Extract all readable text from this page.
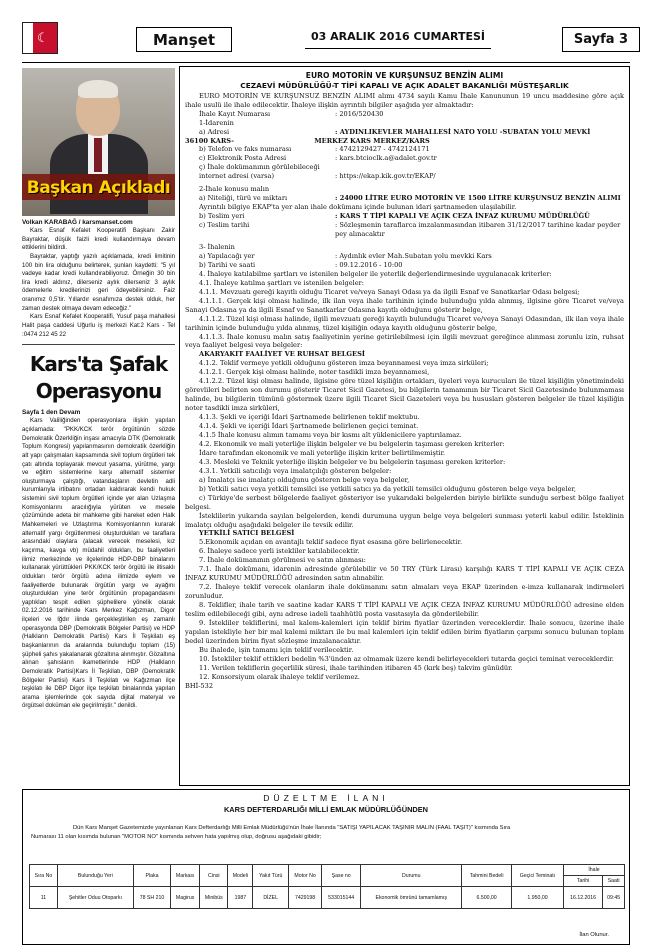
☾	Manşet	03 ARALIK 2016 CUMARTESİ	Sayfa 3
Başkan Açıkladı
Volkan KARABAĞ / karsmanset.com

Kars Esnaf Kefalet Kooperatifi Başkanı Zakir Bayraktar, düşük faizli kredi kullandırmaya devam ettiklerini bildirdi.

Bayraktar, yaptığı yazılı açıklamada, kredi limitinin 100 bin lira olduğunu belirterek, şunları kaydetti: "5 yıl vadeye kadar kredi kullandırabiliyoruz. Örneğin 30 bin lira kredi aldınız, dilerseniz aylık dilerseniz 3 aylık ödemelerle kredilerinizi geri ödeyebilirsiniz. Faiz oranımız 0,5’tir. Yıllardır esnafımıza destek olduk, her zaman destek olmaya devam edeceğiz.”

Kars Esnaf Kefalet Kooperatifi, Yusuf paşa mahallesi Halit paşa caddesi Uğurlu iş merkezi Kat:2 Kars - Tel :0474 212 45 22

Kars'ta Şafak
Operasyonu
Sayfa 1 den Devam

Kars Valiliğinden operasyonlara ilişkin yapılan açıklamada: "PKK/KCK terör örgütünün sözde Demokratik Özerkliğin inşası amacıyla DTK (Demokratik Toplum Kongresi) yapılanmasının demokratik özerkliğin alt yapı çalışmaları kapsamında sivil toplum örgütleri tek çatı altında toplayarak mevcut yasama, yürütme, yargı ve eğitim sistemlerine karşı alternatif sistemler oluşturmaya çalıştığı, vatandaşların devletin adli kurumlarıyla irtibatını ortadan kaldırarak kendi hukuk sistemini sivil toplum örgütleri içinde yer alan Uzlaşma Komisyonlarını aracılığıyla yürüten ve mesele çözümünde adeta bir mahkeme gibi hareket eden Halk Mahkemeleri ve Uzlaştırma Komisyonlarının kurarak alternatif yargı örgütlenmesi oluşturdukları ve taraflara arasındaki olaylara (alacak verecek meselesi, kız kaçırma, kavga vb) müdahil oldukları, bu faaliyetleri ilimiz merkezinde ve ilçelerinde HDP-DBP binalarını kullanarak yürüttükleri PKK/KCK terör örgütü ile iltisaklı oldukları terör örgütü adına ilimizde eylem ve faaliyetlerde bulunarak örgütün yargı ve ayağını oluşturdukları yine terör örgütünün propagandasını yaptıkları tespit edilen şüphelilere yönelik olarak 02.12.2016 tarihinde Kars Merkez Kağızman, Digor ilçeleri ve Iğdır ilinde gerçekleştirilen eş zamanlı operasyonda DBP (Demokratik Bölgeler Partisi) ve HDP (Halkların Demokratik Partisi) Kars İl Teşkilatı eş başkanlarının da aralarında bulunduğu toplam (15) şüpheli şahıs yakalanarak gözaltına alınmıştır. Gözaltına alınan şahısların ikametlerinde HDP (Halkların Demokratik Partisi)Kars İl Teşkilatı, DBP (Demokratik Bölgeler Partisi) Kars İl Teşkilatı ve Kağızman ilçe teşkilatı ile DBP Digor ilçe teşkilatı binalarında yapılan arama işlemlerinde çok sayıda dijital materyal ve örgütsel doküman ele geçirilmiştir." denildi.

EURO MOTORİN VE KURŞUNSUZ BENZİN ALIMI
CEZAEVİ MÜDÜRLÜĞÜ-T TİPİ KAPALI VE AÇIK ADALET BAKANLIĞI MÜSTEŞARLIK

EURO MOTORİN VE KURŞUNSUZ BENZİN ALIMI alımı 4734 sayılı Kamu İhale Kanununun 19 uncu maddesine göre açık ihale usulü ile ihale edilecektir. İhaleye ilişkin ayrıntılı bilgiler aşağıda yer almaktadır:

İhale Kayıt Numarası	: 2016/520430

1-İdarenin

a) Adresi	: AYDINLIKEVLER MAHALLESİ NATO YOLU -SUBATAN YOLU MEVKİ

36100 KARS-                                   MERKEZ KARS MERKEZ/KARS

b) Telefon ve faks numarası	: 4742129427 - 4742124171
c) Elektronik Posta Adresi	: kars.btcioclk.a@adalet.gov.tr

ç) İhale dokümanının görülebileceği

internet adresi (varsa)	: https://ekap.kik.gov.tr/EKAP/

2-İhale konusu malın

a) Niteliği, türü ve miktarı	: 24000 LİTRE EURO MOTORİN VE 1500 LİTRE KURŞUNSUZ BENZİN ALIMI

Ayrıntılı bilgiye EKAP'ta yer alan ihale dokümanı içinde bulunan idari şartnameden ulaşılabilir.

b) Teslim yeri	: KARS T TİPİ KAPALI VE AÇIK CEZA İNFAZ KURUMU MÜDÜRLÜĞÜ
c) Teslim tarihi	: Sözleşmenin taraflarca imzalanmasından itibaren 31/12/2017 tarihine kadar peyder pey alınacaktır

3- İhalenin

a) Yapılacağı yer	: Aydınlık evler Mah.Subatan yolu mevkki Kars
b) Tarihi ve saati	: 09.12.2016 - 10:00

4. İhaleye katılabilme şartları ve istenilen belgeler ile yeterlik değerlendirmesinde uygulanacak kriterler:

4.1. İhaleye katılma şartları ve istenilen belgeler:

4.1.1. Mevzuatı gereği kayıtlı olduğu Ticaret ve/veya Sanayi Odası ya da ilgili Esnaf ve Sanatkarlar Odası belgesi;

4.1.1.1. Gerçek kişi olması halinde, ilk ilan veya ihale tarihinin içinde bulunduğu yılda alınmış, ilgisine göre Ticaret ve/veya Sanayi Odasına ya da ilgili Esnaf ve Sanatkarlar Odasına kayıtlı olduğunu gösterir belge,

4.1.1.2. Tüzel kişi olması halinde, ilgili mevzuatı gereği kayıtlı bulunduğu Ticaret ve/veya Sanayi Odasından, ilk ilan veya ihale tarihinin içinde bulunduğu yılda alınmış, tüzel kişiliğin odaya kayıtlı olduğunu gösterir belge,

4.1.1.3. İhale konusu malın satış faaliyetinin yerine getirilebilmesi için ilgili mevzuat gereğince alınması zorunlu izin, ruhsat veya faaliyet belgesi veya belgeler:

AKARYAKIT FAALİYET VE RUHSAT BELGESİ

4.1.2. Teklif vermeye yetkili olduğunu gösteren imza beyannamesi veya imza sirküleri;

4.1.2.1. Gerçek kişi olması halinde, noter tasdikli imza beyannamesi,

4.1.2.2. Tüzel kişi olması halinde, ilgisine göre tüzel kişiliğin ortakları, üyeleri veya kurucuları ile tüzel kişiliğin yönetimindeki görevlileri belirten son durumu gösterir Ticaret Sicil Gazetesi, bu bilgilerin tamamının bir Ticaret Sicil Gazetesinde bulunmaması halinde, bu bilgilerin tümünü göstermek üzere ilgili Ticaret Sicil Gazeteleri veya bu hususları gösteren belgeler ile tüzel kişiliğin noter tasdikli imza sirküleri,

4.1.3. Şekli ve içeriği İdari Şartnamede belirlenen teklif mektubu.

4.1.4. Şekli ve içeriği İdari Şartnamede belirlenen geçici teminat.

4.1.5 İhale konusu alımın tamamı veya bir kısmı alt yüklenicilere yaptırılamaz.

4.2. Ekonomik ve mali yeterliğe ilişkin belgeler ve bu belgelerin taşıması gereken kriterler:

İdare tarafından ekonomik ve mali yeterliğe ilişkin kriter belirtilmemiştir.

4.3. Mesleki ve Teknik yeterliğe ilişkin belgeler ve bu belgelerin taşıması gereken kriterler:

4.3.1. Yetkili satıcılığı veya imalatçılığı gösteren belgeler:

a) İmalatçı ise imalatçı olduğunu gösteren belge veya belgeler,

b) Yetkili satıcı veya yetkili temsilci ise yetkili satıcı ya da yetkili temsilci olduğunu gösteren belge veya belgeler,

c) Türkiye'de serbest bölgelerde faaliyet gösteriyor ise yukarıdaki belgelerden biriyle birlikte sunduğu serbest bölge faaliyet belgesi.

İsteklilerin yukarıda sayılan belgelerden, kendi durumuna uygun belge veya belgeleri sunması yeterli kabul edilir. İsteklinin imalatçı olduğu aşağıdaki belgeler ile tevsik edilir.

YETKİLİ SATICI BELGESİ

5.Ekonomik açıdan en avantajlı teklif sadece fiyat esasına göre belirlenecektir.

6. İhaleye sadece yerli istekliler katılabilecektir.

7. İhale dokümanının görülmesi ve satın alınması:

7.1. İhale dokümanı, idarenin adresinde görülebilir ve 50 TRY (Türk Lirası) karşılığı KARS T TİPİ KAPALI VE AÇIK CEZA İNFAZ KURUMU MÜDÜRLÜĞÜ adresinden satın alınabilir.

7.2. İhaleye teklif verecek olanların ihale dokümanını satın almaları veya EKAP üzerinden e-imza kullanarak indirmeleri zorunludur.

8. Teklifler, ihale tarih ve saatine kadar KARS T TİPİ KAPALI VE AÇIK CEZA İNFAZ KURUMU MÜDÜRLÜĞÜ adresine elden teslim edilebileceği gibi, aynı adrese iadeli taahhütlü posta vasıtasıyla da gönderilebilir.

9. İstekliler tekliflerini, mal kalem-kalemleri için teklif birim fiyatlar üzerinden vereceklerdir. İhale sonucu, üzerine ihale yapılan istekliyle her bir mal kalemi miktarı ile bu mal kalemleri için teklif edilen birim fiyatların çarpımı sonucu bulunan toplam bedel üzerinden birim fiyat sözleşme imzalanacaktır.

Bu ihalede, işin tamamı için teklif verilecektir.

10. İstekliler teklif ettikleri bedelin %3'ünden az olmamak üzere kendi belirleyecekleri tutarda geçici teminat vereceklerdir.

11. Verilen tekliflerin geçerlilik süresi, ihale tarihinden itibaren 45 (kırk beş) takvim günüdür.

12. Konsorsiyum olarak ihaleye teklif verilemez.

BHİ-532

DÜZELTME İLANI
KARS DEFTERDARLIĞI MİLLİ EMLAK MÜDÜRLÜĞÜNDEN

Dün Kars Manşet Gazetemizde yayınlanan Kars Defterdarlığı Milli Emlak Müdürlüğü'nün İhale İlanında "SATIŞI YAPILACAK TAŞINIR MALIN (FAAL TAŞIT)" kısmında Sıra

Numarası 11 olan kısımda bulunan "MOTOR NO" kısmında sehven hata yapılmış olup, doğrusu aşağıdaki gibidir;
Sıra No	Bulunduğu Yeri	Plaka	Markası	Cinsi	Modeli	Yakıt Türü	Motor No	Şase no	Durumu	Tahmini Bedeli	Geçici Teminatı	İhale	
												Tarihi	Saati
11	Şehitler Oduu Otoparkı	78 SH 210	Magirus	Minibüs	1987	DİZEL	7429198	533015144	Ekonomik ömrünü tamamlamış	6.500,00	1.950,00	16.12.2016	09:45
İlan Olunur.
